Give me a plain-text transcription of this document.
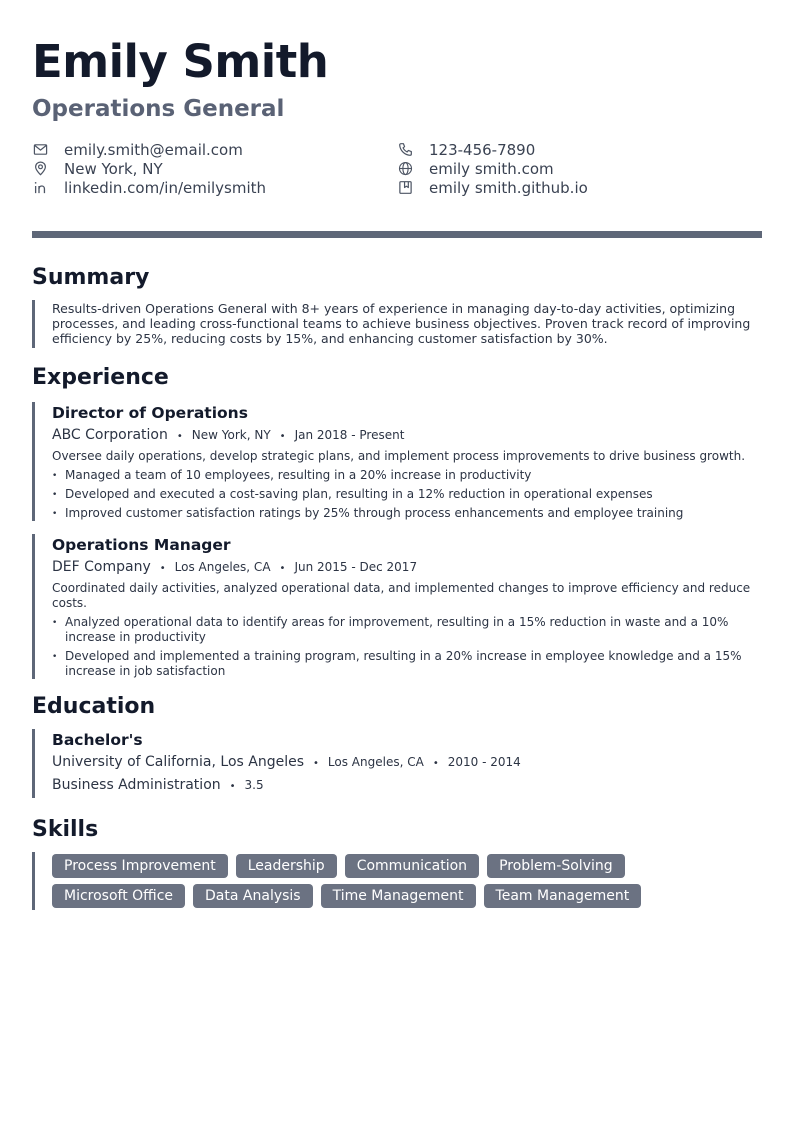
Emily Smith
Operations General
emily.smith@email.com	123-456-7890
New York, NY	emily smith.com
linkedin.com/in/emilysmith	emily smith.github.io
Summary
Results-driven Operations General with 8+ years of experience in managing day-to-day activities, optimizing processes, and leading cross-functional teams to achieve business objectives. Proven track record of improving efficiency by 25%, reducing costs by 15%, and enhancing customer satisfaction by 30%.
Experience
Director of Operations
ABC Corporation • New York, NY • Jan 2018 - Present
Oversee daily operations, develop strategic plans, and implement process improvements to drive business growth.
• Managed a team of 10 employees, resulting in a 20% increase in productivity
• Developed and executed a cost-saving plan, resulting in a 12% reduction in operational expenses
• Improved customer satisfaction ratings by 25% through process enhancements and employee training
Operations Manager
DEF Company • Los Angeles, CA • Jun 2015 - Dec 2017
Coordinated daily activities, analyzed operational data, and implemented changes to improve efficiency and reduce costs.
• Analyzed operational data to identify areas for improvement, resulting in a 15% reduction in waste and a 10% increase in productivity
• Developed and implemented a training program, resulting in a 20% increase in employee knowledge and a 15% increase in job satisfaction
Education
Bachelor's
University of California, Los Angeles • Los Angeles, CA • 2010 - 2014
Business Administration • 3.5
Skills
Process Improvement	Leadership	Communication	Problem-Solving
Microsoft Office	Data Analysis	Time Management	Team Management
